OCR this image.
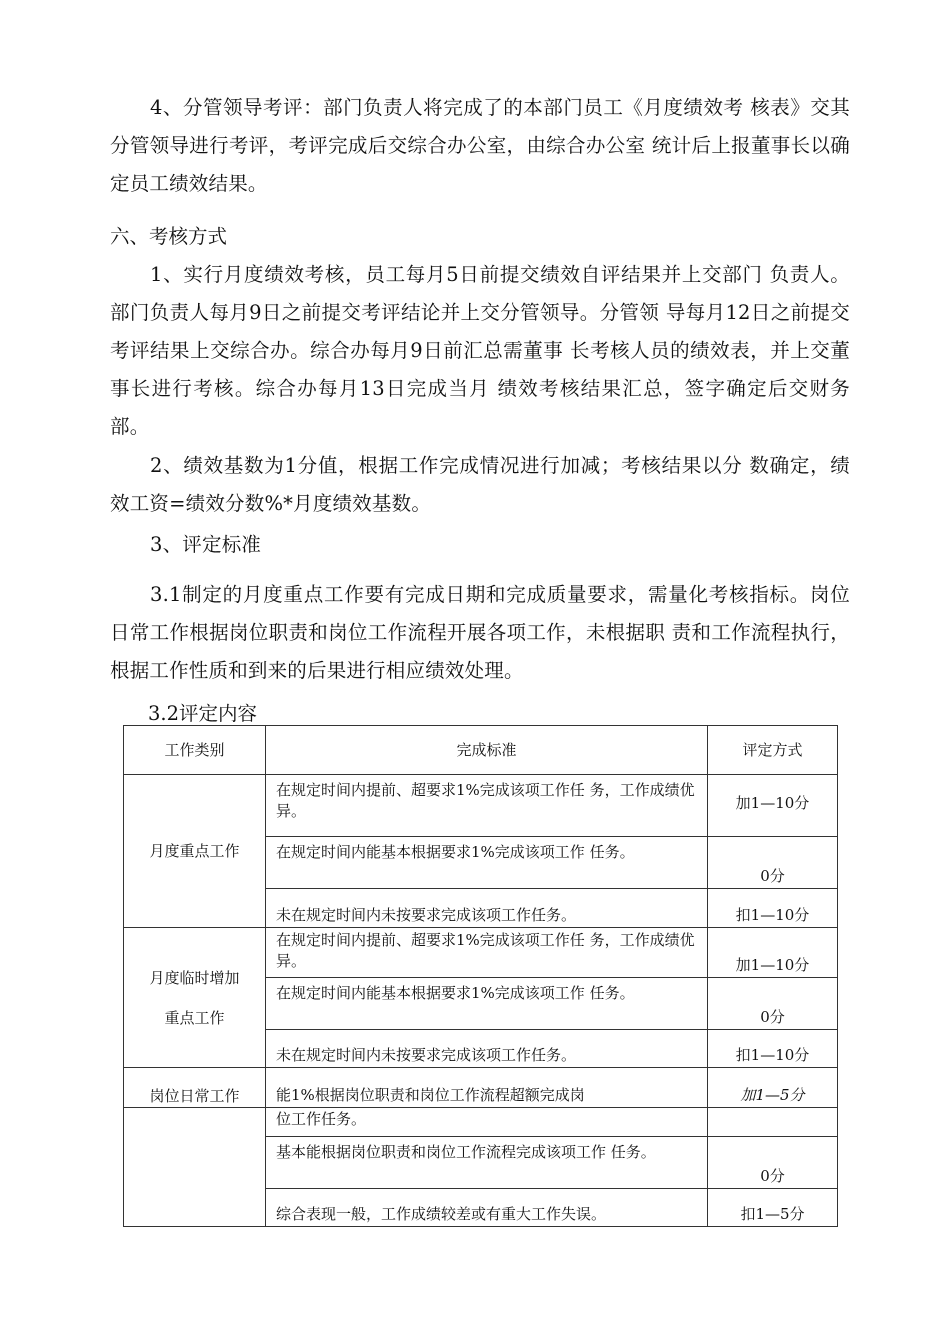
4、分管领导考评：部门负责人将完成了的本部门员工《月度绩效考 核表》交其分管领导进行考评，考评完成后交综合办公室，由综合办公室 统计后上报董事长以确定员工绩效结果。

六、考核方式

1、实行月度绩效考核，员工每月5日前提交绩效自评结果并上交部门 负责人。部门负责人每月9日之前提交考评结论并上交分管领导。分管领 导每月12日之前提交考评结果上交综合办。综合办每月9日前汇总需董事 长考核人员的绩效表，并上交董事长进行考核。综合办每月13日完成当月 绩效考核结果汇总，签字确定后交财务部。

2、绩效基数为1分值，根据工作完成情况进行加减；考核结果以分 数确定，绩效工资=绩效分数%*月度绩效基数。

3、评定标准

3.1制定的月度重点工作要有完成日期和完成质量要求，需量化考核指标。岗位日常工作根据岗位职责和岗位工作流程开展各项工作，未根据职 责和工作流程执行，根据工作性质和到来的后果进行相应绩效处理。

3.2评定内容

工作类别	完成标准	评定方式
月度重点工作	在规定时间内提前、超要求1%完成该项工作任 务，工作成绩优异。	加1—10分
	在规定时间内能基本根据要求1%完成该项工作 任务。	0分
	未在规定时间内未按要求完成该项工作任务。	扣1—10分

月度临时增加
重点工作	在规定时间内提前、超要求1%完成该项工作任 务，工作成绩优异。	加1—10分
	在规定时间内能基本根据要求1%完成该项工作 任务。	0分
	未在规定时间内未按要求完成该项工作任务。	扣1—10分
岗位日常工作	能1%根据岗位职责和岗位工作流程超额完成岗	加1—5分
	位工作任务。	
	基本能根据岗位职责和岗位工作流程完成该项工作 任务。	0分
	综合表现一般，工作成绩较差或有重大工作失误。	扣1—5分
